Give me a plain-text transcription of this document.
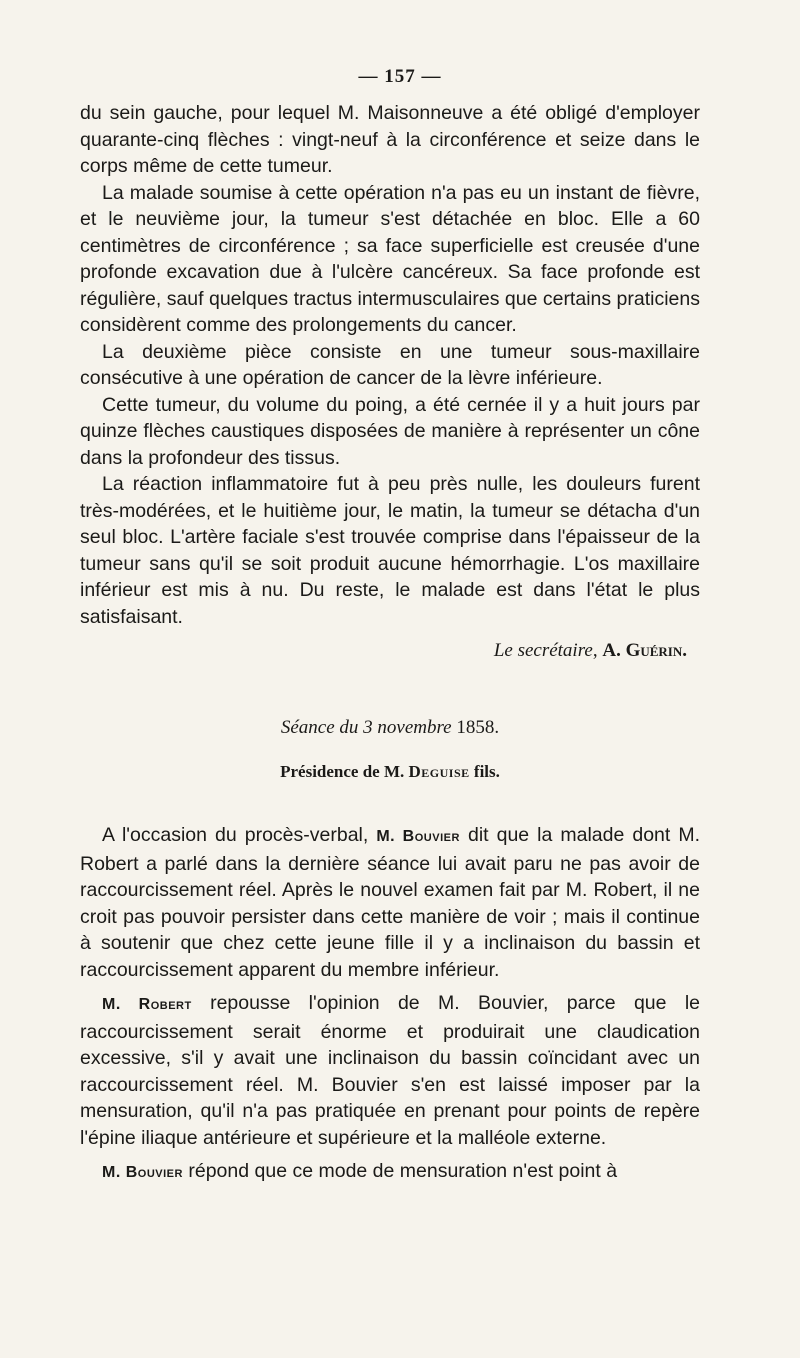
— 157 —

du sein gauche, pour lequel M. Maisonneuve a été obligé d'employer quarante-cinq flèches : vingt-neuf à la circonférence et seize dans le corps même de cette tumeur.

La malade soumise à cette opération n'a pas eu un instant de fièvre, et le neuvième jour, la tumeur s'est détachée en bloc. Elle a 60 centimètres de circonférence ; sa face superficielle est creusée d'une profonde excavation due à l'ulcère cancéreux. Sa face profonde est régulière, sauf quelques tractus intermusculaires que certains praticiens considèrent comme des prolongements du cancer.

La deuxième pièce consiste en une tumeur sous-maxillaire consécutive à une opération de cancer de la lèvre inférieure.

Cette tumeur, du volume du poing, a été cernée il y a huit jours par quinze flèches caustiques disposées de manière à représenter un cône dans la profondeur des tissus.

La réaction inflammatoire fut à peu près nulle, les douleurs furent très-modérées, et le huitième jour, le matin, la tumeur se détacha d'un seul bloc. L'artère faciale s'est trouvée comprise dans l'épaisseur de la tumeur sans qu'il se soit produit aucune hémorrhagie. L'os maxillaire inférieur est mis à nu. Du reste, le malade est dans l'état le plus satisfaisant.

Le secrétaire, A. Guérin.
Séance du 3 novembre 1858.
Présidence de M. Deguise fils.

A l'occasion du procès-verbal, M. Bouvier dit que la malade dont M. Robert a parlé dans la dernière séance lui avait paru ne pas avoir de raccourcissement réel. Après le nouvel examen fait par M. Robert, il ne croit pas pouvoir persister dans cette manière de voir ; mais il continue à soutenir que chez cette jeune fille il y a inclinaison du bassin et raccourcissement apparent du membre inférieur.

M. Robert repousse l'opinion de M. Bouvier, parce que le raccourcissement serait énorme et produirait une claudication excessive, s'il y avait une inclinaison du bassin coïncidant avec un raccourcissement réel. M. Bouvier s'en est laissé imposer par la mensuration, qu'il n'a pas pratiquée en prenant pour points de repère l'épine iliaque antérieure et supérieure et la malléole externe.

M. Bouvier répond que ce mode de mensuration n'est point à
